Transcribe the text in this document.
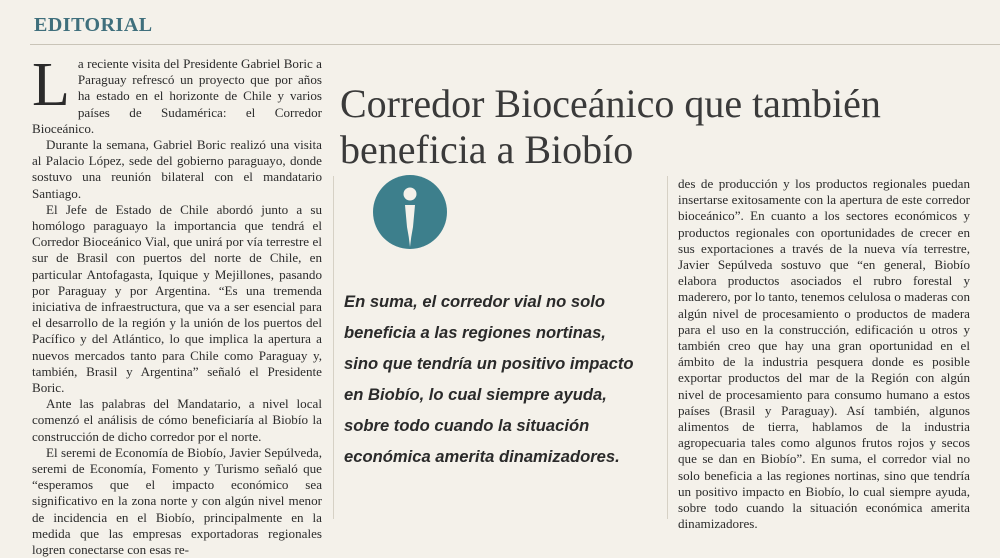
EDITORIAL
L a reciente visita del Presidente Gabriel Boric a Paraguay refrescó un proyecto que por años ha estado en el horizonte de Chile y varios países de Sudamérica: el Corredor Bioceánico.

Durante la semana, Gabriel Boric realizó una visita al Palacio López, sede del gobierno paraguayo, donde sostuvo una reunión bilateral con el mandatario Santiago.

El Jefe de Estado de Chile abordó junto a su homólogo paraguayo la importancia que tendrá el Corredor Bioceánico Vial, que unirá por vía terrestre el sur de Brasil con puertos del norte de Chile, en particular Antofagasta, Iquique y Mejillones, pasando por Paraguay y por Argentina. “Es una tremenda iniciativa de infraestructura, que va a ser esencial para el desarrollo de la región y la unión de los puertos del Pacífico y del Atlántico, lo que implica la apertura a nuevos mercados tanto para Chile como Paraguay y, también, Brasil y Argentina” señaló el Presidente Boric.

Ante las palabras del Mandatario, a nivel local comenzó el análisis de cómo beneficiaría al Biobío la construcción de dicho corredor por el norte.

El seremi de Economía de Biobío, Javier Sepúlveda, seremi de Economía, Fomento y Turismo señaló que “esperamos que el impacto económico sea significativo en la zona norte y con algún nivel menor de incidencia en el Biobío, principalmente en la medida que las empresas exportadoras regionales logren conectarse con esas re-

Corredor Bioceánico que también beneficia a Biobío
En suma, el corredor vial no solo beneficia a las regiones nortinas, sino que tendría un positivo impacto en Biobío, lo cual siempre ayuda, sobre todo cuando la situación económica amerita dinamizadores.

des de producción y los productos regionales puedan insertarse exitosamente con la apertura de este corredor bioceánico”. En cuanto a los sectores económicos y productos regionales con oportunidades de crecer en sus exportaciones a través de la nueva vía terrestre, Javier Sepúlveda sostuvo que “en general, Biobío elabora productos asociados el rubro forestal y maderero, por lo tanto, tenemos celulosa o maderas con algún nivel de procesamiento o productos de madera para el uso en la construcción, edificación u otros y también creo que hay una gran oportunidad en el ámbito de la industria pesquera donde es posible exportar productos del mar de la Región con algún nivel de procesamiento para consumo humano a estos países (Brasil y Paraguay). Así también, algunos alimentos de tierra, hablamos de la industria agropecuaria tales como algunos frutos rojos y secos que se dan en Biobío”. En suma, el corredor vial no solo beneficia a las regiones nortinas, sino que tendría un positivo impacto en Biobío, lo cual siempre ayuda, sobre todo cuando la situación económica amerita dinamizadores.
